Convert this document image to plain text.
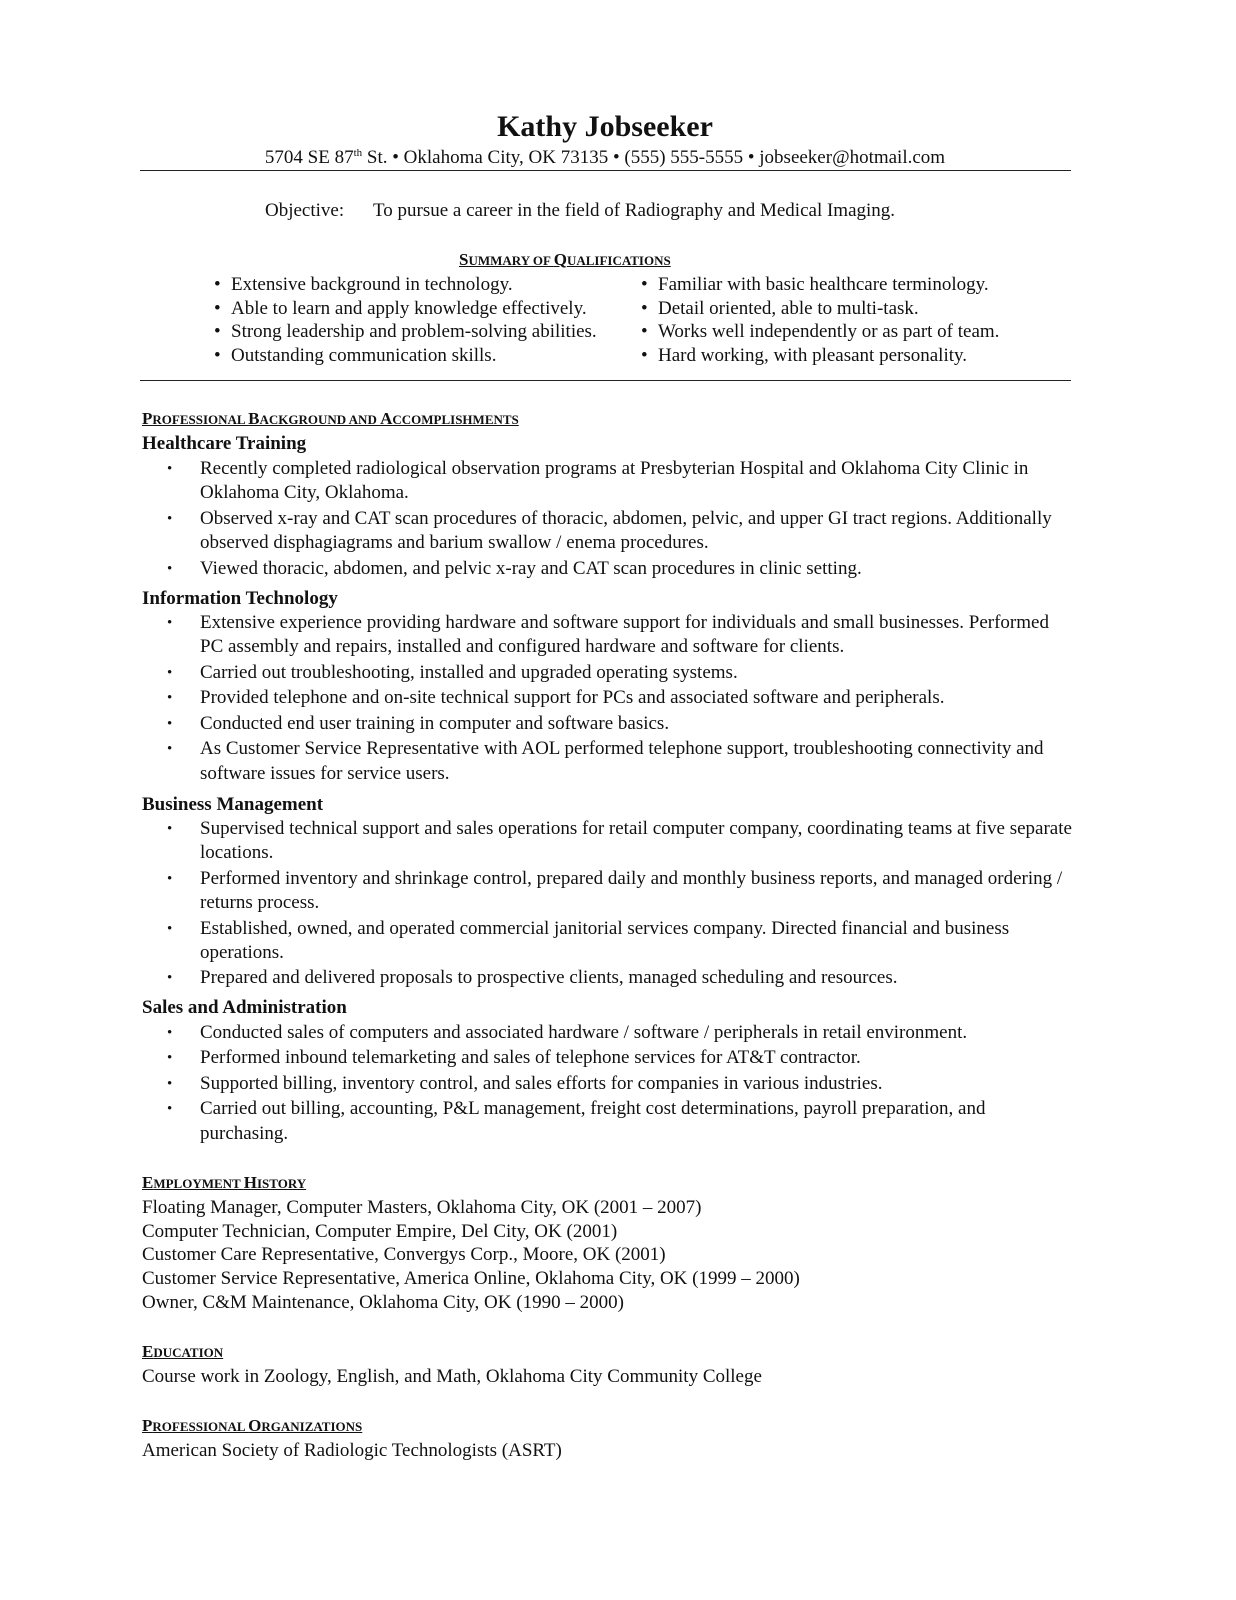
Kathy Jobseeker
5704 SE 87th St. • Oklahoma City, OK 73135 • (555) 555-5555 • jobseeker@hotmail.com
Objective: To pursue a career in the field of Radiography and Medical Imaging.
SUMMARY OF QUALIFICATIONS
• Extensive background in technology.
• Able to learn and apply knowledge effectively.
• Strong leadership and problem-solving abilities.
• Outstanding communication skills.
• Familiar with basic healthcare terminology.
• Detail oriented, able to multi-task.
• Works well independently or as part of team.
• Hard working, with pleasant personality.
PROFESSIONAL BACKGROUND AND ACCOMPLISHMENTS
Healthcare Training
• Recently completed radiological observation programs at Presbyterian Hospital and Oklahoma City Clinic in Oklahoma City, Oklahoma.
• Observed x-ray and CAT scan procedures of thoracic, abdomen, pelvic, and upper GI tract regions. Additionally observed disphagiagrams and barium swallow / enema procedures.
• Viewed thoracic, abdomen, and pelvic x-ray and CAT scan procedures in clinic setting.
Information Technology
• Extensive experience providing hardware and software support for individuals and small businesses. Performed PC assembly and repairs, installed and configured hardware and software for clients.
• Carried out troubleshooting, installed and upgraded operating systems.
• Provided telephone and on-site technical support for PCs and associated software and peripherals.
• Conducted end user training in computer and software basics.
• As Customer Service Representative with AOL performed telephone support, troubleshooting connectivity and software issues for service users.
Business Management
• Supervised technical support and sales operations for retail computer company, coordinating teams at five separate locations.
• Performed inventory and shrinkage control, prepared daily and monthly business reports, and managed ordering / returns process.
• Established, owned, and operated commercial janitorial services company. Directed financial and business operations.
• Prepared and delivered proposals to prospective clients, managed scheduling and resources.
Sales and Administration
• Conducted sales of computers and associated hardware / software / peripherals in retail environment.
• Performed inbound telemarketing and sales of telephone services for AT&T contractor.
• Supported billing, inventory control, and sales efforts for companies in various industries.
• Carried out billing, accounting, P&L management, freight cost determinations, payroll preparation, and purchasing.
EMPLOYMENT HISTORY
Floating Manager, Computer Masters, Oklahoma City, OK (2001 – 2007)
Computer Technician, Computer Empire, Del City, OK (2001)
Customer Care Representative, Convergys Corp., Moore, OK (2001)
Customer Service Representative, America Online, Oklahoma City, OK (1999 – 2000)
Owner, C&M Maintenance, Oklahoma City, OK (1990 – 2000)
EDUCATION
Course work in Zoology, English, and Math, Oklahoma City Community College
PROFESSIONAL ORGANIZATIONS
American Society of Radiologic Technologists (ASRT)
